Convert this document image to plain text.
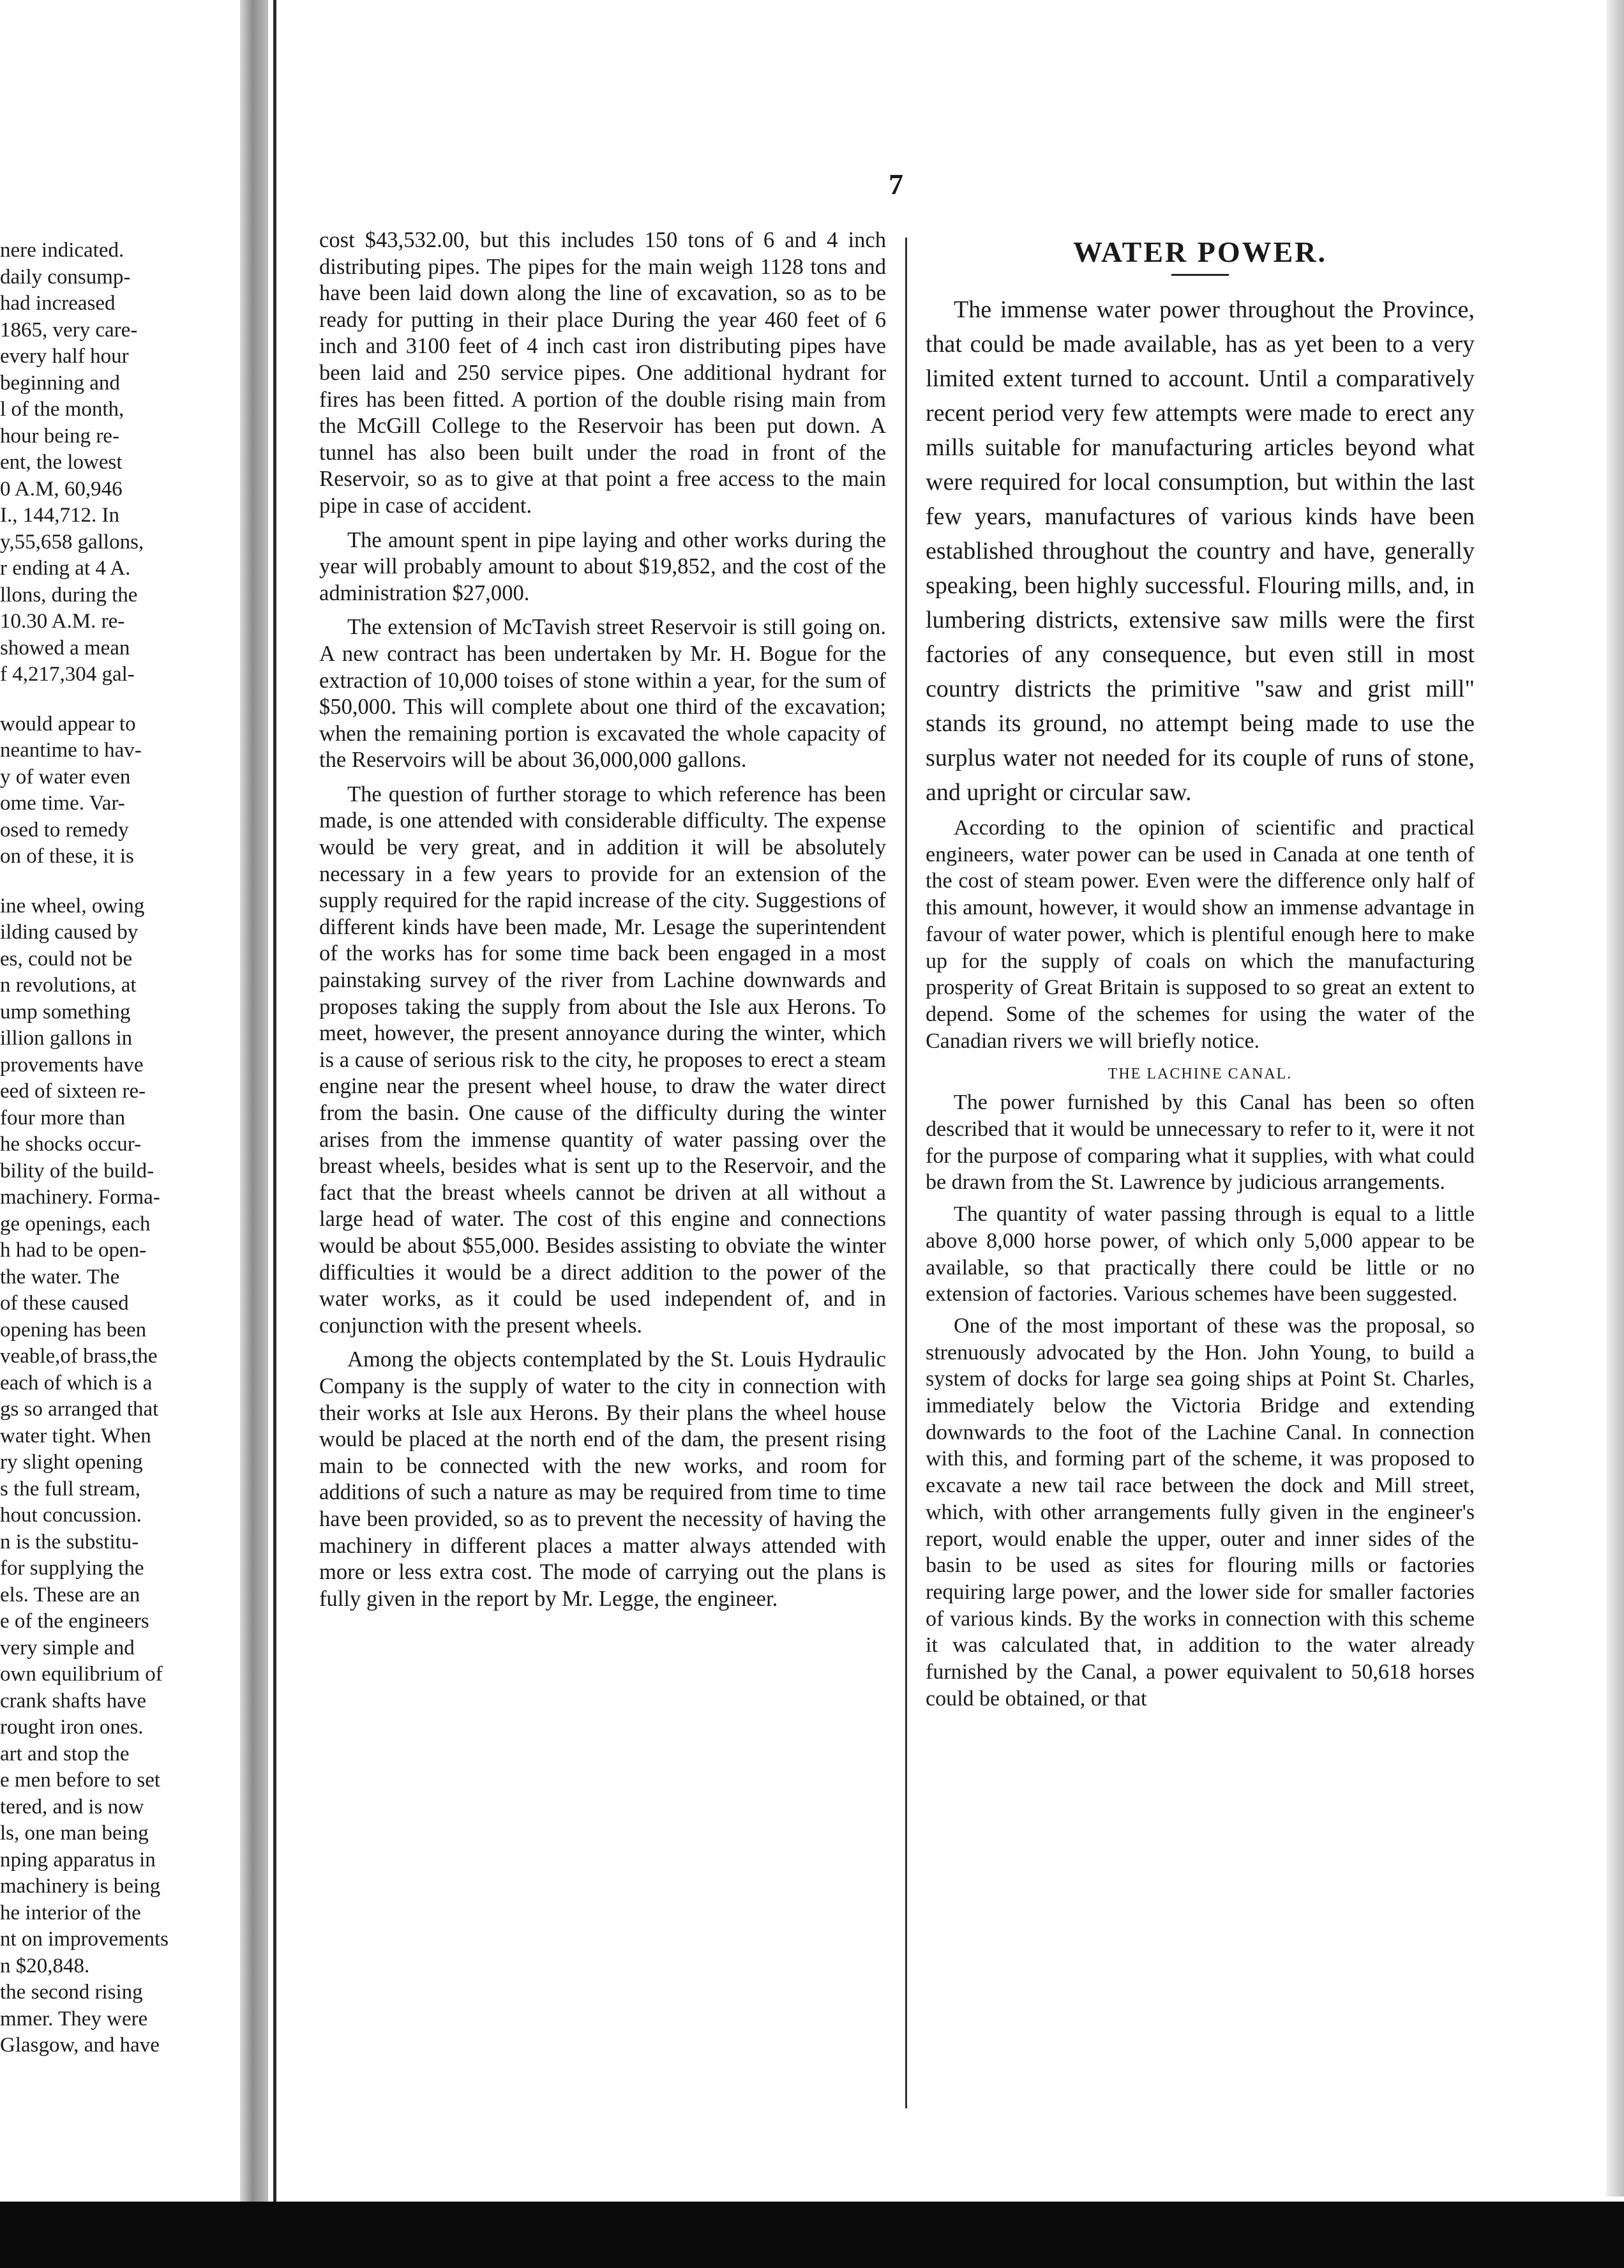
7
nere indicated.
daily consump-
had increased
1865, very care-
every half hour
beginning and
l of the month,
hour being re-
ent, the lowest
0 A.M, 60,946
I., 144,712. In
y,55,658 gallons,
r ending at 4 A.
llons, during the
10.30 A.M. re-
showed a mean
f 4,217,304 gal-
would appear to
neantime to hav-
y of water even
ome time. Var-
osed to remedy
on of these, it is
ine wheel, owing
ilding caused by
es, could not be
n revolutions, at
ump something
illion gallons in
provements have
eed of sixteen re-
four more than
he shocks occur-
bility of the build-
machinery. Forma-
ge openings, each
h had to be open-
the water. The
of these caused
opening has been
veable,of brass,the
each of which is a
gs so arranged that
water tight. When
ry slight opening
s the full stream,
hout concussion.
n is the substitu-
for supplying the
els. These are an
e of the engineers
very simple and
own equilibrium of
crank shafts have
rought iron ones.
art and stop the
e men before to set
tered, and is now
ls, one man being
nping apparatus in
machinery is being
he interior of the
nt on improvements
n $20,848.
the second rising
mmer. They were
Glasgow, and have

cost $43,532.00, but this includes 150 tons of 6 and 4 inch distributing pipes. The pipes for the main weigh 1128 tons and have been laid down along the line of excavation, so as to be ready for putting in their place During the year 460 feet of 6 inch and 3100 feet of 4 inch cast iron distributing pipes have been laid and 250 service pipes. One additional hydrant for fires has been fitted. A portion of the double rising main from the McGill College to the Reservoir has been put down. A tunnel has also been built under the road in front of the Reservoir, so as to give at that point a free access to the main pipe in case of accident.

The amount spent in pipe laying and other works during the year will probably amount to about $19,852, and the cost of the administration $27,000.

The extension of McTavish street Reservoir is still going on. A new contract has been undertaken by Mr. H. Bogue for the extraction of 10,000 toises of stone within a year, for the sum of $50,000. This will complete about one third of the excavation; when the remaining portion is excavated the whole capacity of the Reservoirs will be about 36,000,000 gallons.

The question of further storage to which reference has been made, is one attended with considerable difficulty. The expense would be very great, and in addition it will be absolutely necessary in a few years to provide for an extension of the supply required for the rapid increase of the city. Suggestions of different kinds have been made, Mr. Lesage the superintendent of the works has for some time back been engaged in a most painstaking survey of the river from Lachine downwards and proposes taking the supply from about the Isle aux Herons. To meet, however, the present annoyance during the winter, which is a cause of serious risk to the city, he proposes to erect a steam engine near the present wheel house, to draw the water direct from the basin. One cause of the difficulty during the winter arises from the immense quantity of water passing over the breast wheels, besides what is sent up to the Reservoir, and the fact that the breast wheels cannot be driven at all without a large head of water. The cost of this engine and connections would be about $55,000. Besides assisting to obviate the winter difficulties it would be a direct addition to the power of the water works, as it could be used independent of, and in conjunction with the present wheels.

Among the objects contemplated by the St. Louis Hydraulic Company is the supply of water to the city in connection with their works at Isle aux Herons. By their plans the wheel house would be placed at the north end of the dam, the present rising main to be connected with the new works, and room for additions of such a nature as may be required from time to time have been provided, so as to prevent the necessity of having the machinery in different places a matter always attended with more or less extra cost. The mode of carrying out the plans is fully given in the report by Mr. Legge, the engineer.

WATER POWER.

The immense water power throughout the Province, that could be made available, has as yet been to a very limited extent turned to account. Until a comparatively recent period very few attempts were made to erect any mills suitable for manufacturing articles beyond what were required for local consumption, but within the last few years, manufactures of various kinds have been established throughout the country and have, generally speaking, been highly successful. Flouring mills, and, in lumbering districts, extensive saw mills were the first factories of any consequence, but even still in most country districts the primitive "saw and grist mill" stands its ground, no attempt being made to use the surplus water not needed for its couple of runs of stone, and upright or circular saw.

According to the opinion of scientific and practical engineers, water power can be used in Canada at one tenth of the cost of steam power. Even were the difference only half of this amount, however, it would show an immense advantage in favour of water power, which is plentiful enough here to make up for the supply of coals on which the manufacturing prosperity of Great Britain is supposed to so great an extent to depend. Some of the schemes for using the water of the Canadian rivers we will briefly notice.

THE LACHINE CANAL.

The power furnished by this Canal has been so often described that it would be unnecessary to refer to it, were it not for the purpose of comparing what it supplies, with what could be drawn from the St. Lawrence by judicious arrangements.

The quantity of water passing through is equal to a little above 8,000 horse power, of which only 5,000 appear to be available, so that practically there could be little or no extension of factories. Various schemes have been suggested.

One of the most important of these was the proposal, so strenuously advocated by the Hon. John Young, to build a system of docks for large sea going ships at Point St. Charles, immediately below the Victoria Bridge and extending downwards to the foot of the Lachine Canal. In connection with this, and forming part of the scheme, it was proposed to excavate a new tail race between the dock and Mill street, which, with other arrangements fully given in the engineer's report, would enable the upper, outer and inner sides of the basin to be used as sites for flouring mills or factories requiring large power, and the lower side for smaller factories of various kinds. By the works in connection with this scheme it was calculated that, in addition to the water already furnished by the Canal, a power equivalent to 50,618 horses could be obtained, or that
